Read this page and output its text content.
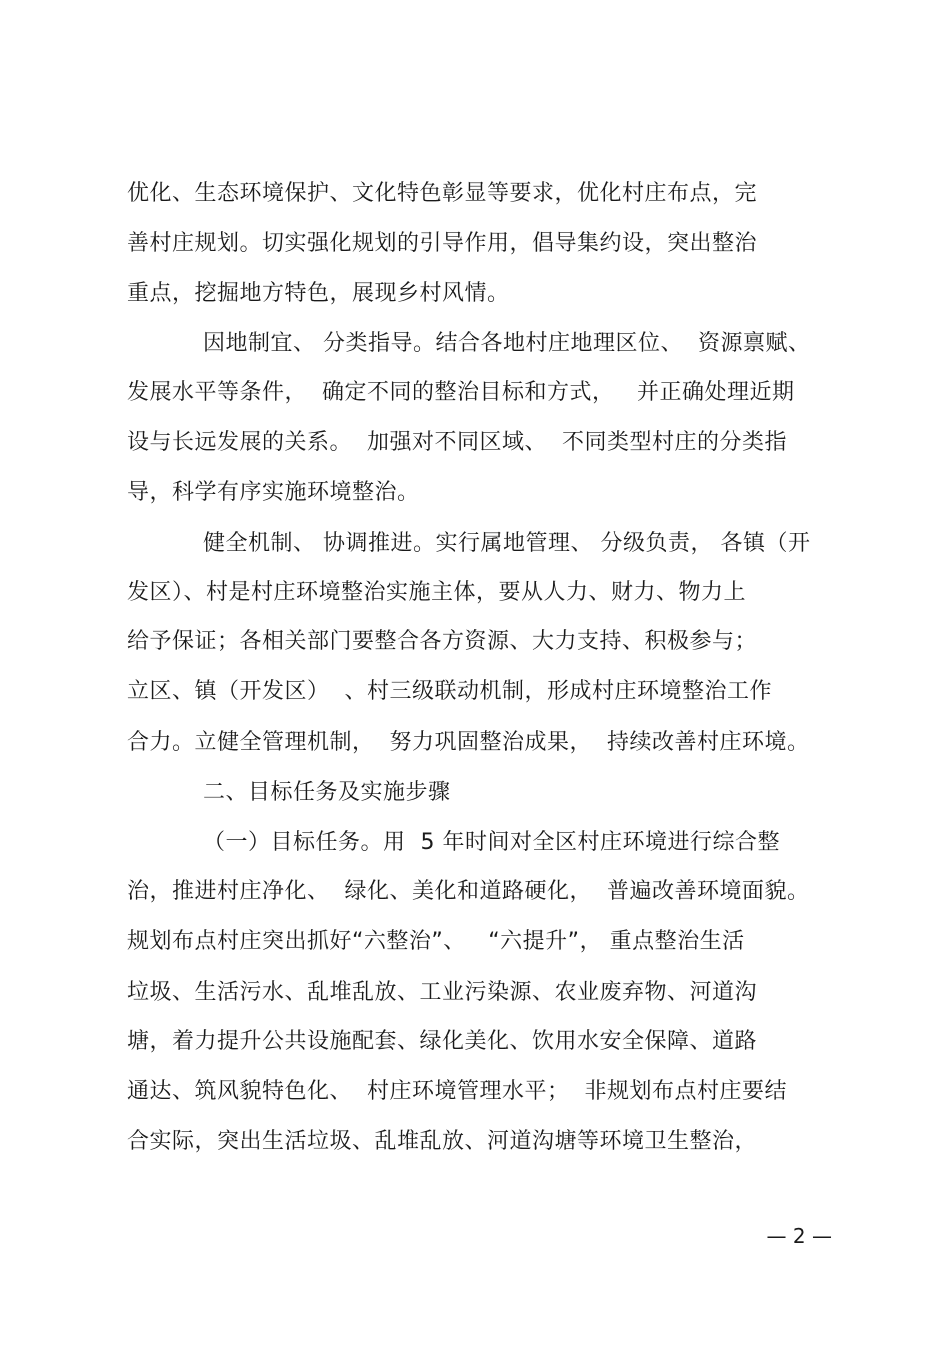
优化、生态环境保护、文化特色彰显等要求，优化村庄布点，完
善村庄规划。切实强化规划的引导作用，倡导集约设，突出整治
重点，挖掘地方特色，展现乡村风情。
因地制宜、 分类指导。结合各地村庄地理区位、  资源禀赋、
发展水平等条件，  确定不同的整治目标和方式，   并正确处理近期
设与长远发展的关系。  加强对不同区域、  不同类型村庄的分类指
导，科学有序实施环境整治。
健全机制、 协调推进。实行属地管理、 分级负责， 各镇（开
发区）、村是村庄环境整治实施主体，要从人力、财力、物力上
给予保证；各相关部门要整合各方资源、大力支持、积极参与；
立区、镇（开发区）  、村三级联动机制，形成村庄环境整治工作
合力。立健全管理机制，  努力巩固整治成果，  持续改善村庄环境。
二、目标任务及实施步骤
（一）目标任务。用  5 年时间对全区村庄环境进行综合整
治，推进村庄净化、  绿化、美化和道路硬化，  普遍改善环境面貌。
规划布点村庄突出抓好“六整治”、   “六提升”， 重点整治生活
垃圾、生活污水、乱堆乱放、工业污染源、农业废弃物、河道沟
塘，着力提升公共设施配套、绿化美化、饮用水安全保障、道路
通达、筑风貌特色化、  村庄环境管理水平；  非规划布点村庄要结
合实际，突出生活垃圾、乱堆乱放、河道沟塘等环境卫生整治，
— 2 —
